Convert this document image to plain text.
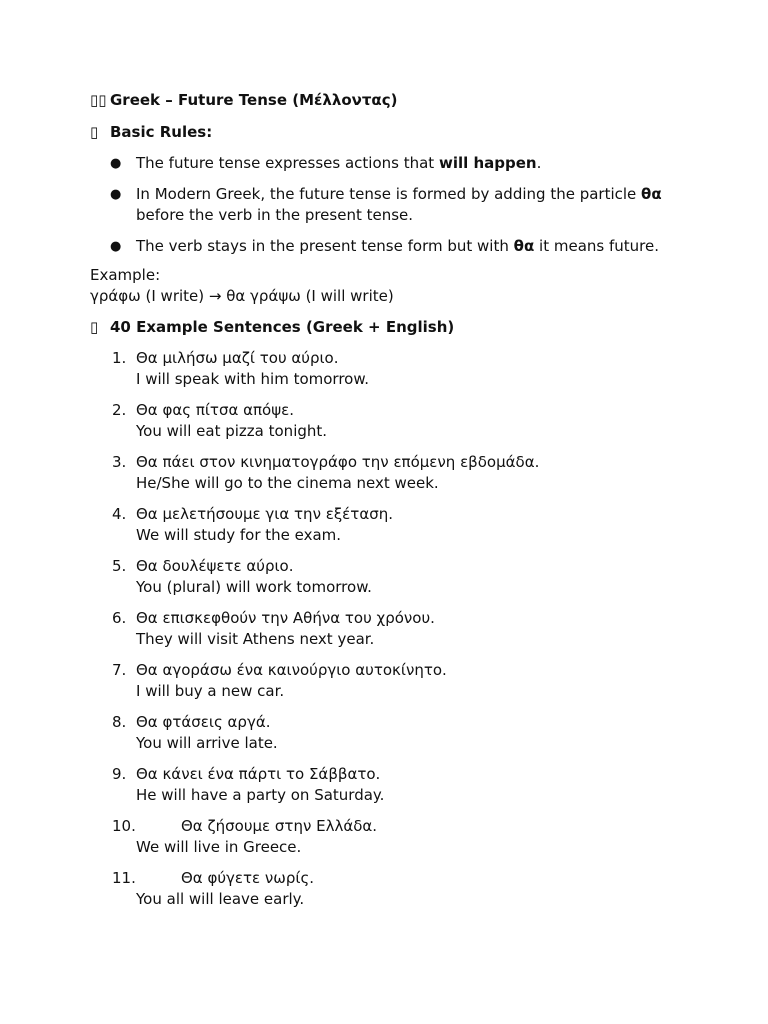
▯▯ Greek – Future Tense (Μέλλοντας)

▯ Basic Rules:

● The future tense expresses actions that will happen.
● In Modern Greek, the future tense is formed by adding the particle θα before the verb in the present tense.
● The verb stays in the present tense form but with θα it means future.
Example:
γράφω (I write) → θα γράψω (I will write)

▯ 40 Example Sentences (Greek + English)

1. Θα μιλήσω μαζί του αύριο.
I will speak with him tomorrow.
2. Θα φας πίτσα απόψε.
You will eat pizza tonight.
3. Θα πάει στον κινηματογράφο την επόμενη εβδομάδα.
He/She will go to the cinema next week.
4. Θα μελετήσουμε για την εξέταση.
We will study for the exam.
5. Θα δουλέψετε αύριο.
You (plural) will work tomorrow.
6. Θα επισκεφθούν την Αθήνα του χρόνου.
They will visit Athens next year.
7. Θα αγοράσω ένα καινούργιο αυτοκίνητο.
I will buy a new car.
8. Θα φτάσεις αργά.
You will arrive late.
9. Θα κάνει ένα πάρτι το Σάββατο.
He will have a party on Saturday.
10.	Θα ζήσουμε στην Ελλάδα.
We will live in Greece.
11.	Θα φύγετε νωρίς.
You all will leave early.
